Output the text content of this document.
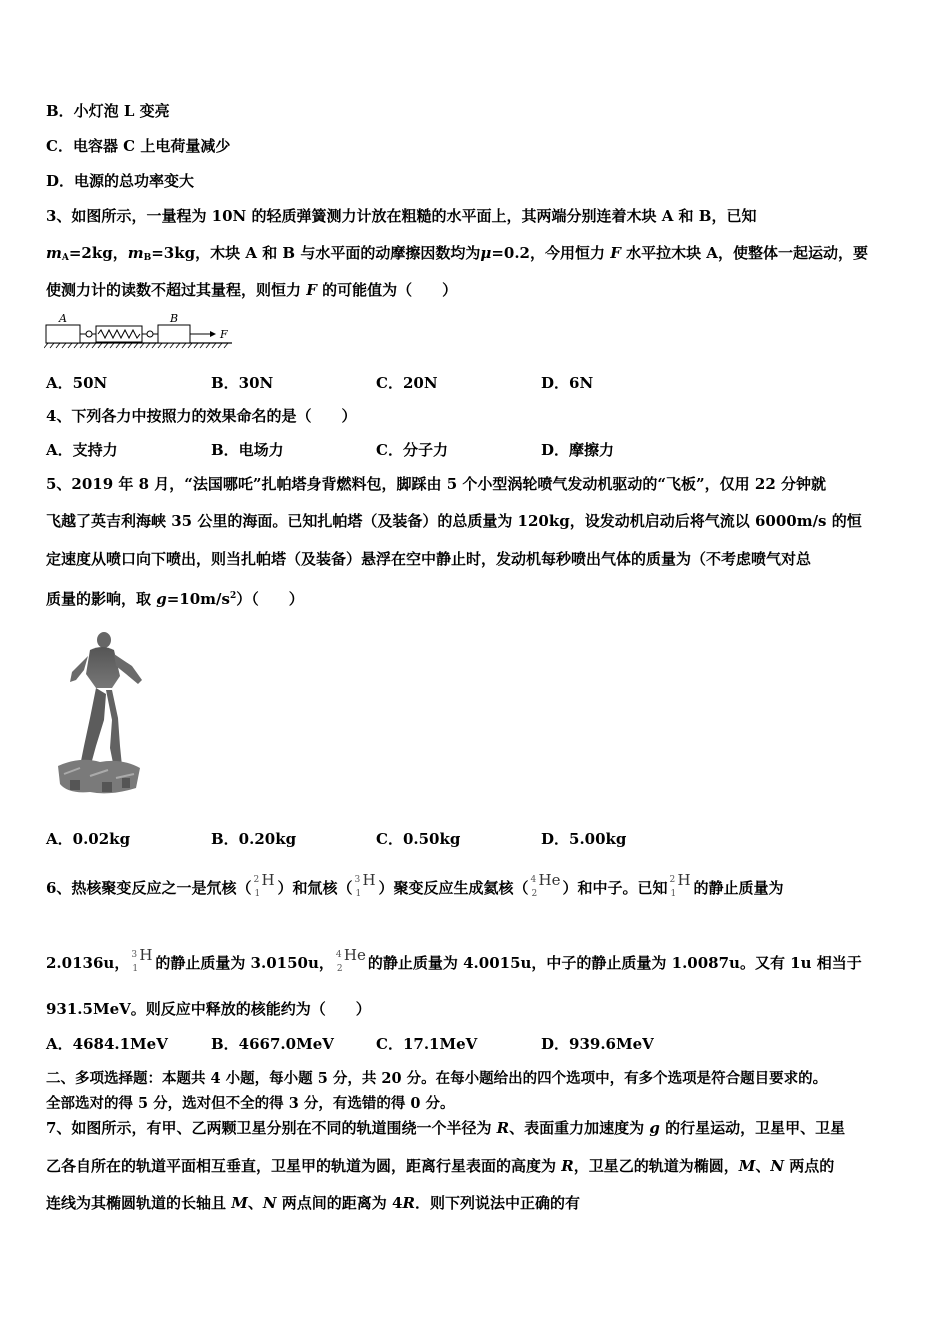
B．小灯泡 L 变亮
C．电容器 C 上电荷量减少
D．电源的总功率变大
3、如图所示，一量程为 10N 的轻质弹簧测力计放在粗糙的水平面上，其两端分别连着木块 A 和 B，已知
$m_A=2kg$，$m_B=3kg$，木块 A 和 B 与水平面的动摩擦因数均为μ=0.2，今用恒力 F 水平拉木块 A，使整体一起运动，要
使测力计的读数不超过其量程，则恒力 F 的可能值为（　　）
A	B
F
A．50N	B．30N	C．20N	D．6N
4、下列各力中按照力的效果命名的是（　　）
A．支持力	B．电场力	C．分子力	D．摩擦力
5、2019 年 8 月，“法国哪吒”扎帕塔身背燃料包，脚踩由 5 个小型涡轮喷气发动机驱动的“飞板”，仅用 22 分钟就
飞越了英吉利海峡 35 公里的海面。已知扎帕塔（及装备）的总质量为 120kg，设发动机启动后将气流以 6000m/s 的恒
定速度从喷口向下喷出，则当扎帕塔（及装备）悬浮在空中静止时，发动机每秒喷出气体的质量为（不考虑喷气对总
质量的影响，取 $g=10m/s^2$）（　　）
A．0.02kg	B．0.20kg	C．0.50kg	D．5.00kg
6、热核聚变反应之一是氘核（ 2
1
H ）和氚核（ 3
1
H ）聚变反应生成氦核（ 4
2
He ）和中子。已知 2
1
H 的静止质量为
2.0136u， 3
1
H 的静止质量为 3.0150u， 4
2
He 的静止质量为 4.0015u，中子的静止质量为 1.0087u。又有 1u 相当于
931.5MeV。则反应中释放的核能约为（　　）
A．4684.1MeV	B．4667.0MeV	C．17.1MeV	D．939.6MeV
二、多项选择题：本题共 4 小题，每小题 5 分，共 20 分。在每小题给出的四个选项中，有多个选项是符合题目要求的。
全部选对的得 5 分，选对但不全的得 3 分，有选错的得 0 分。
7、如图所示，有甲、乙两颗卫星分别在不同的轨道围绕一个半径为 R、表面重力加速度为 g 的行星运动，卫星甲、卫星
乙各自所在的轨道平面相互垂直，卫星甲的轨道为圆，距离行星表面的高度为 R，卫星乙的轨道为椭圆，M、N 两点的
连线为其椭圆轨道的长轴且 M、N 两点间的距离为 4R．则下列说法中正确的有
